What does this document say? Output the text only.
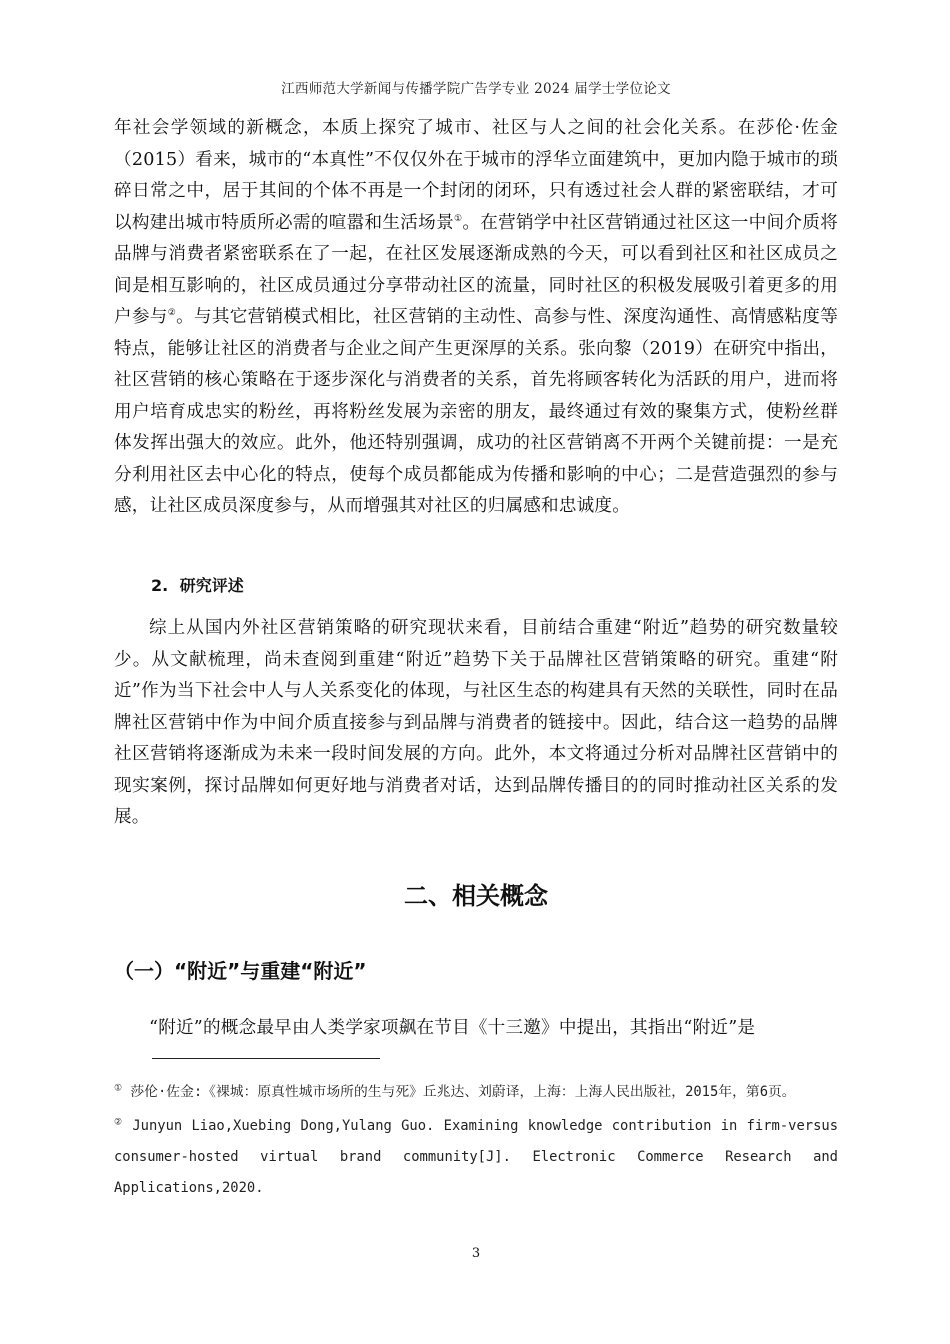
江西师范大学新闻与传播学院广告学专业 2024 届学士学位论文

年社会学领域的新概念，本质上探究了城市、社区与人之间的社会化关系。在莎伦·佐金（2015）看来，城市的“本真性”不仅仅外在于城市的浮华立面建筑中，更加内隐于城市的琐碎日常之中，居于其间的个体不再是一个封闭的闭环，只有透过社会人群的紧密联结，才可以构建出城市特质所必需的喧嚣和生活场景①。在营销学中社区营销通过社区这一中间介质将品牌与消费者紧密联系在了一起，在社区发展逐渐成熟的今天，可以看到社区和社区成员之间是相互影响的，社区成员通过分享带动社区的流量，同时社区的积极发展吸引着更多的用户参与②。与其它营销模式相比，社区营销的主动性、高参与性、深度沟通性、高情感粘度等特点，能够让社区的消费者与企业之间产生更深厚的关系。张向黎（2019）在研究中指出，社区营销的核心策略在于逐步深化与消费者的关系，首先将顾客转化为活跃的用户，进而将用户培育成忠实的粉丝，再将粉丝发展为亲密的朋友，最终通过有效的聚集方式，使粉丝群体发挥出强大的效应。此外，他还特别强调，成功的社区营销离不开两个关键前提：一是充分利用社区去中心化的特点，使每个成员都能成为传播和影响的中心；二是营造强烈的参与感，让社区成员深度参与，从而增强其对社区的归属感和忠诚度。

2. 研究评述

综上从国内外社区营销策略的研究现状来看，目前结合重建“附近”趋势的研究数量较少。从文献梳理，尚未查阅到重建“附近”趋势下关于品牌社区营销策略的研究。重建“附近”作为当下社会中人与人关系变化的体现，与社区生态的构建具有天然的关联性，同时在品牌社区营销中作为中间介质直接参与到品牌与消费者的链接中。因此，结合这一趋势的品牌社区营销将逐渐成为未来一段时间发展的方向。此外，本文将通过分析对品牌社区营销中的现实案例，探讨品牌如何更好地与消费者对话，达到品牌传播目的的同时推动社区关系的发展。

二、相关概念
（一）“附近”与重建“附近”

“附近”的概念最早由人类学家项飙在节目《十三邀》中提出，其指出“附近”是

① 莎伦·佐金:《裸城：原真性城市场所的生与死》丘兆达、刘蔚译，上海：上海人民出版社，2015年，第6页。

② Junyun Liao,Xuebing Dong,Yulang Guo. Examining knowledge contribution in firm-versus consumer-hosted virtual brand community[J]. Electronic Commerce Research and Applications,2020.

3
